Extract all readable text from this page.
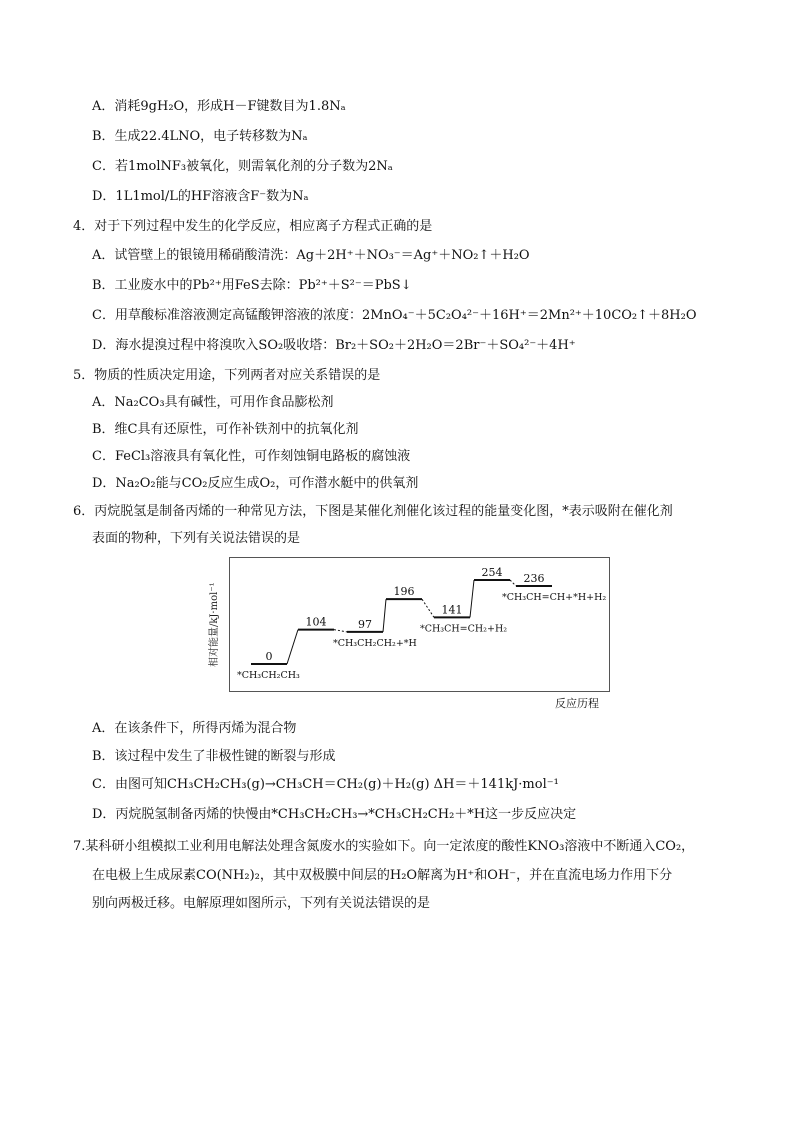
A．消耗9gH₂O，形成H－F键数目为1.8Nₐ
B．生成22.4LNO，电子转移数为Nₐ
C．若1molNF₃被氧化，则需氧化剂的分子数为2Nₐ
D．1L1mol/L的HF溶液含F⁻数为Nₐ
4．对于下列过程中发生的化学反应，相应离子方程式正确的是
A．试管壁上的银镜用稀硝酸清洗：Ag＋2H⁺＋NO₃⁻＝Ag⁺＋NO₂↑＋H₂O
B．工业废水中的Pb²⁺用FeS去除：Pb²⁺＋S²⁻＝PbS↓
C．用草酸标准溶液测定高锰酸钾溶液的浓度：2MnO₄⁻＋5C₂O₄²⁻＋16H⁺＝2Mn²⁺＋10CO₂↑＋8H₂O
D．海水提溴过程中将溴吹入SO₂吸收塔：Br₂＋SO₂＋2H₂O＝2Br⁻＋SO₄²⁻＋4H⁺
5．物质的性质决定用途，下列两者对应关系错误的是
A．Na₂CO₃具有碱性，可用作食品膨松剂
B．维C具有还原性，可作补铁剂中的抗氧化剂
C．FeCl₃溶液具有氧化性，可作刻蚀铜电路板的腐蚀液
D．Na₂O₂能与CO₂反应生成O₂，可作潜水艇中的供氧剂
6．丙烷脱氢是制备丙烯的一种常见方法，下图是某催化剂催化该过程的能量变化图，*表示吸附在催化剂
表面的物种，下列有关说法错误的是
相对能量/kJ·mol⁻¹	0
*CH₃CH₂CH₃
104	97
*CH₃CH₂CH₂+*H
196
141
*CH₃CH=CH₂+H₂
254 236
*CH₃CH=CH+*H+H₂
反应历程
A．在该条件下，所得丙烯为混合物
B．该过程中发生了非极性键的断裂与形成
C．由图可知CH₃CH₂CH₃(g)→CH₃CH＝CH₂(g)＋H₂(g) ΔH＝＋141kJ·mol⁻¹
D．丙烷脱氢制备丙烯的快慢由*CH₃CH₂CH₃→*CH₃CH₂CH₂＋*H这一步反应决定
7.某科研小组模拟工业利用电解法处理含氮废水的实验如下。向一定浓度的酸性KNO₃溶液中不断通入CO₂，
在电极上生成尿素CO(NH₂)₂，其中双极膜中间层的H₂O解离为H⁺和OH⁻，并在直流电场力作用下分
别向两极迁移。电解原理如图所示，下列有关说法错误的是
